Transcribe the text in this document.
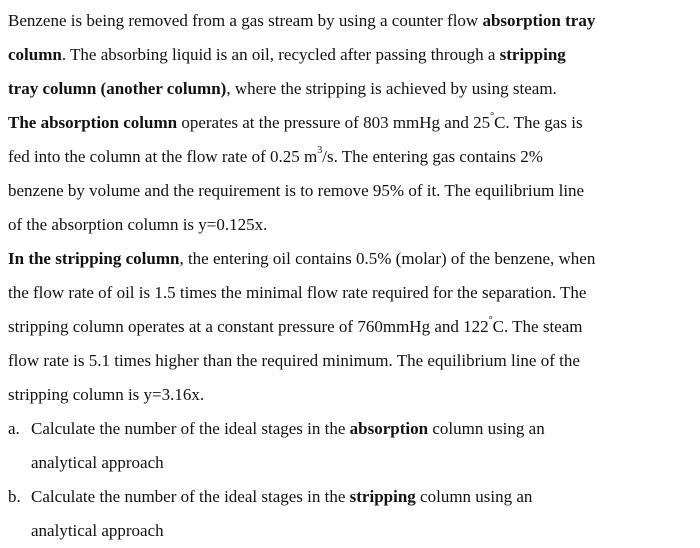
Benzene is being removed from a gas stream by using a counter flow absorption tray
column. The absorbing liquid is an oil, recycled after passing through a stripping
tray column (another column), where the stripping is achieved by using steam.
The absorption column operates at the pressure of 803 mmHg and 25°C. The gas is
fed into the column at the flow rate of 0.25 $m^3/s$. The entering gas contains 2%
benzene by volume and the requirement is to remove 95% of it. The equilibrium line
of the absorption column is y=0.125x.
In the stripping column, the entering oil contains 0.5% (molar) of the benzene, when
the flow rate of oil is 1.5 times the minimal flow rate required for the separation. The
stripping column operates at a constant pressure of 760mmHg and 122°C. The steam
flow rate is 5.1 times higher than the required minimum. The equilibrium line of the
stripping column is y=3.16x.
a. Calculate the number of the ideal stages in the absorption column using an
analytical approach
b. Calculate the number of the ideal stages in the stripping column using an
analytical approach
